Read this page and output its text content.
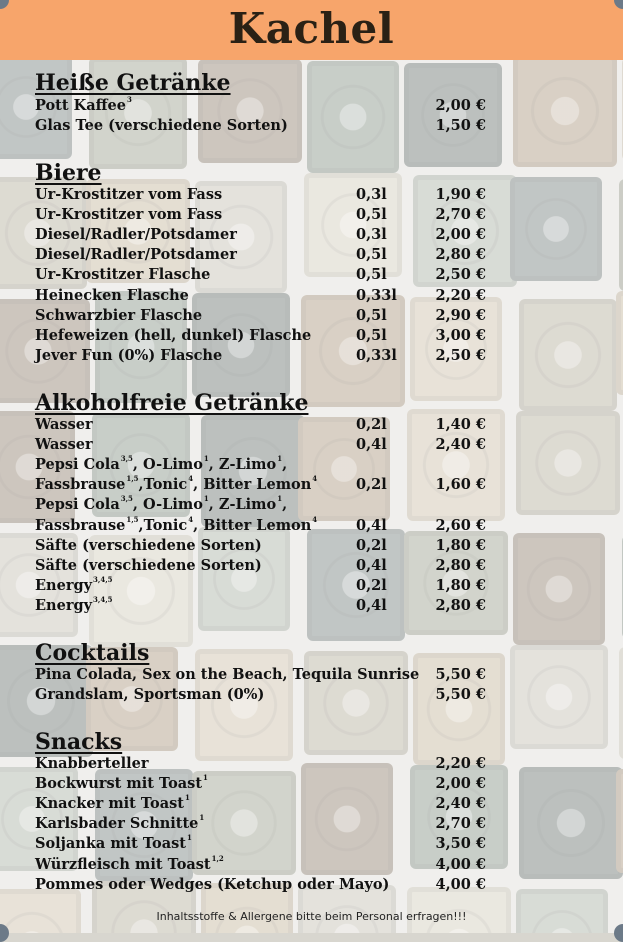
Kachel
Heiße Getränke
Pott Kaffee$^3$	2,00 €
Glas Tee (verschiedene Sorten)	1,50 €
Biere
Ur-Krostitzer vom Fass	0,3l	1,90 €
Ur-Krostitzer vom Fass	0,5l	2,70 €
Diesel/Radler/Potsdamer	0,3l	2,00 €
Diesel/Radler/Potsdamer	0,5l	2,80 €
Ur-Krostitzer Flasche	0,5l	2,50 €
Heinecken Flasche	0,33l	2,20 €
Schwarzbier Flasche	0,5l	2,90 €
Hefeweizen (hell, dunkel) Flasche	0,5l	3,00 €
Jever Fun (0%) Flasche	0,33l	2,50 €
Alkoholfreie Getränke
Wasser	0,2l	1,40 €
Wasser	0,4l	2,40 €
Pepsi Cola$^{3,5}$, O-Limo$^1$, Z-Limo$^1$,
Fassbrause$^{1,5}$,Tonic$^4$, Bitter Lemon$^4$	0,2l	1,60 €
Pepsi Cola$^{3,5}$, O-Limo$^1$, Z-Limo$^1$,
Fassbrause$^{1,5}$,Tonic$^4$, Bitter Lemon$^4$	0,4l	2,60 €
Säfte (verschiedene Sorten)	0,2l	1,80 €
Säfte (verschiedene Sorten)	0,4l	2,80 €
Energy$^{3,4,5}$	0,2l	1,80 €
Energy$^{3,4,5}$	0,4l	2,80 €
Cocktails
Pina Colada, Sex on the Beach, Tequila Sunrise 5,50 €
Grandslam, Sportsman (0%)	5,50 €
Snacks
Knabberteller	2,20 €
Bockwurst mit Toast$^1$	2,00 €
Knacker mit Toast$^1$	2,40 €
Karlsbader Schnitte$^1$	2,70 €
Soljanka mit Toast$^1$	3,50 €
Würzfleisch mit Toast$^{1,2}$	4,00 €
Pommes oder Wedges (Ketchup oder Mayo)	4,00 €
Inhaltsstoffe & Allergene bitte beim Personal erfragen!!!
